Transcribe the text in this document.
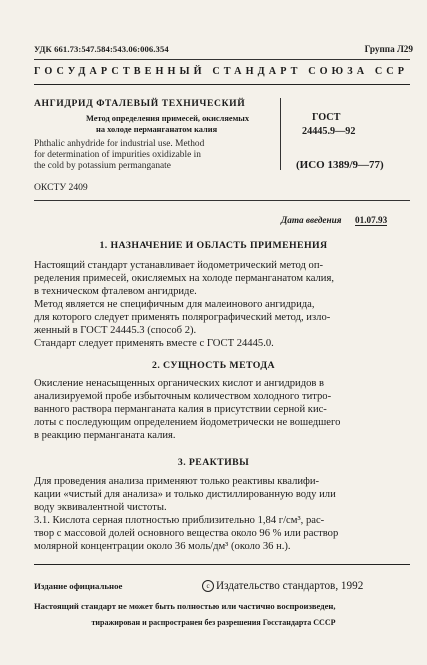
УДК 661.73:547.584:543.06:006.354	Группа Л29
ГОСУДАРСТВЕННЫЙ СТАНДАРТ СОЮЗА ССР
АНГИДРИД ФТАЛЕВЫЙ ТЕХНИЧЕСКИЙ
Метод определения примесей, окисляемых
на холоде перманганатом калия
Phthalic anhydride for industrial use. Method
for determination of impurities oxidizable in
the cold by potassium permanganate
ГОСТ
24445.9—92
(ИСО 1389/9—77)
ОКСТУ 2409
Дата введения 01.07.93
1. НАЗНАЧЕНИЕ И ОБЛАСТЬ ПРИМЕНЕНИЯ
Настоящий стандарт устанавливает йодометрический метод оп-
ределения примесей, окисляемых на холоде перманганатом калия,
в техническом фталевом ангидриде.
Метод является не специфичным для малеинового ангидрида,
для которого следует применять полярографический метод, изло-
женный в ГОСТ 24445.3 (способ 2).
Стандарт следует применять вместе с ГОСТ 24445.0.
2. СУЩНОСТЬ МЕТОДА
Окисление ненасыщенных органических кислот и ангидридов в
анализируемой пробе избыточным количеством холодного титро-
ванного раствора перманганата калия в присутствии серной кис-
лоты с последующим определением йодометрически не вошедшего
в реакцию перманганата калия.
3. РЕАКТИВЫ
Для проведения анализа применяют только реактивы квалифи-
кации «чистый для анализа» и только дистиллированную воду или
воду эквивалентной чистоты.
3.1. Кислота серная плотностью приблизительно 1,84 г/см³, рас-
твор с массовой долей основного вещества около 96 % или раствор
молярной концентрации около 36 моль/дм³ (около 36 н.).
Издание официальное	c Издательство стандартов, 1992
Настоящий стандарт не может быть полностью или частично воспроизведен,
тиражирован и распространен без разрешения Госстандарта СССР
